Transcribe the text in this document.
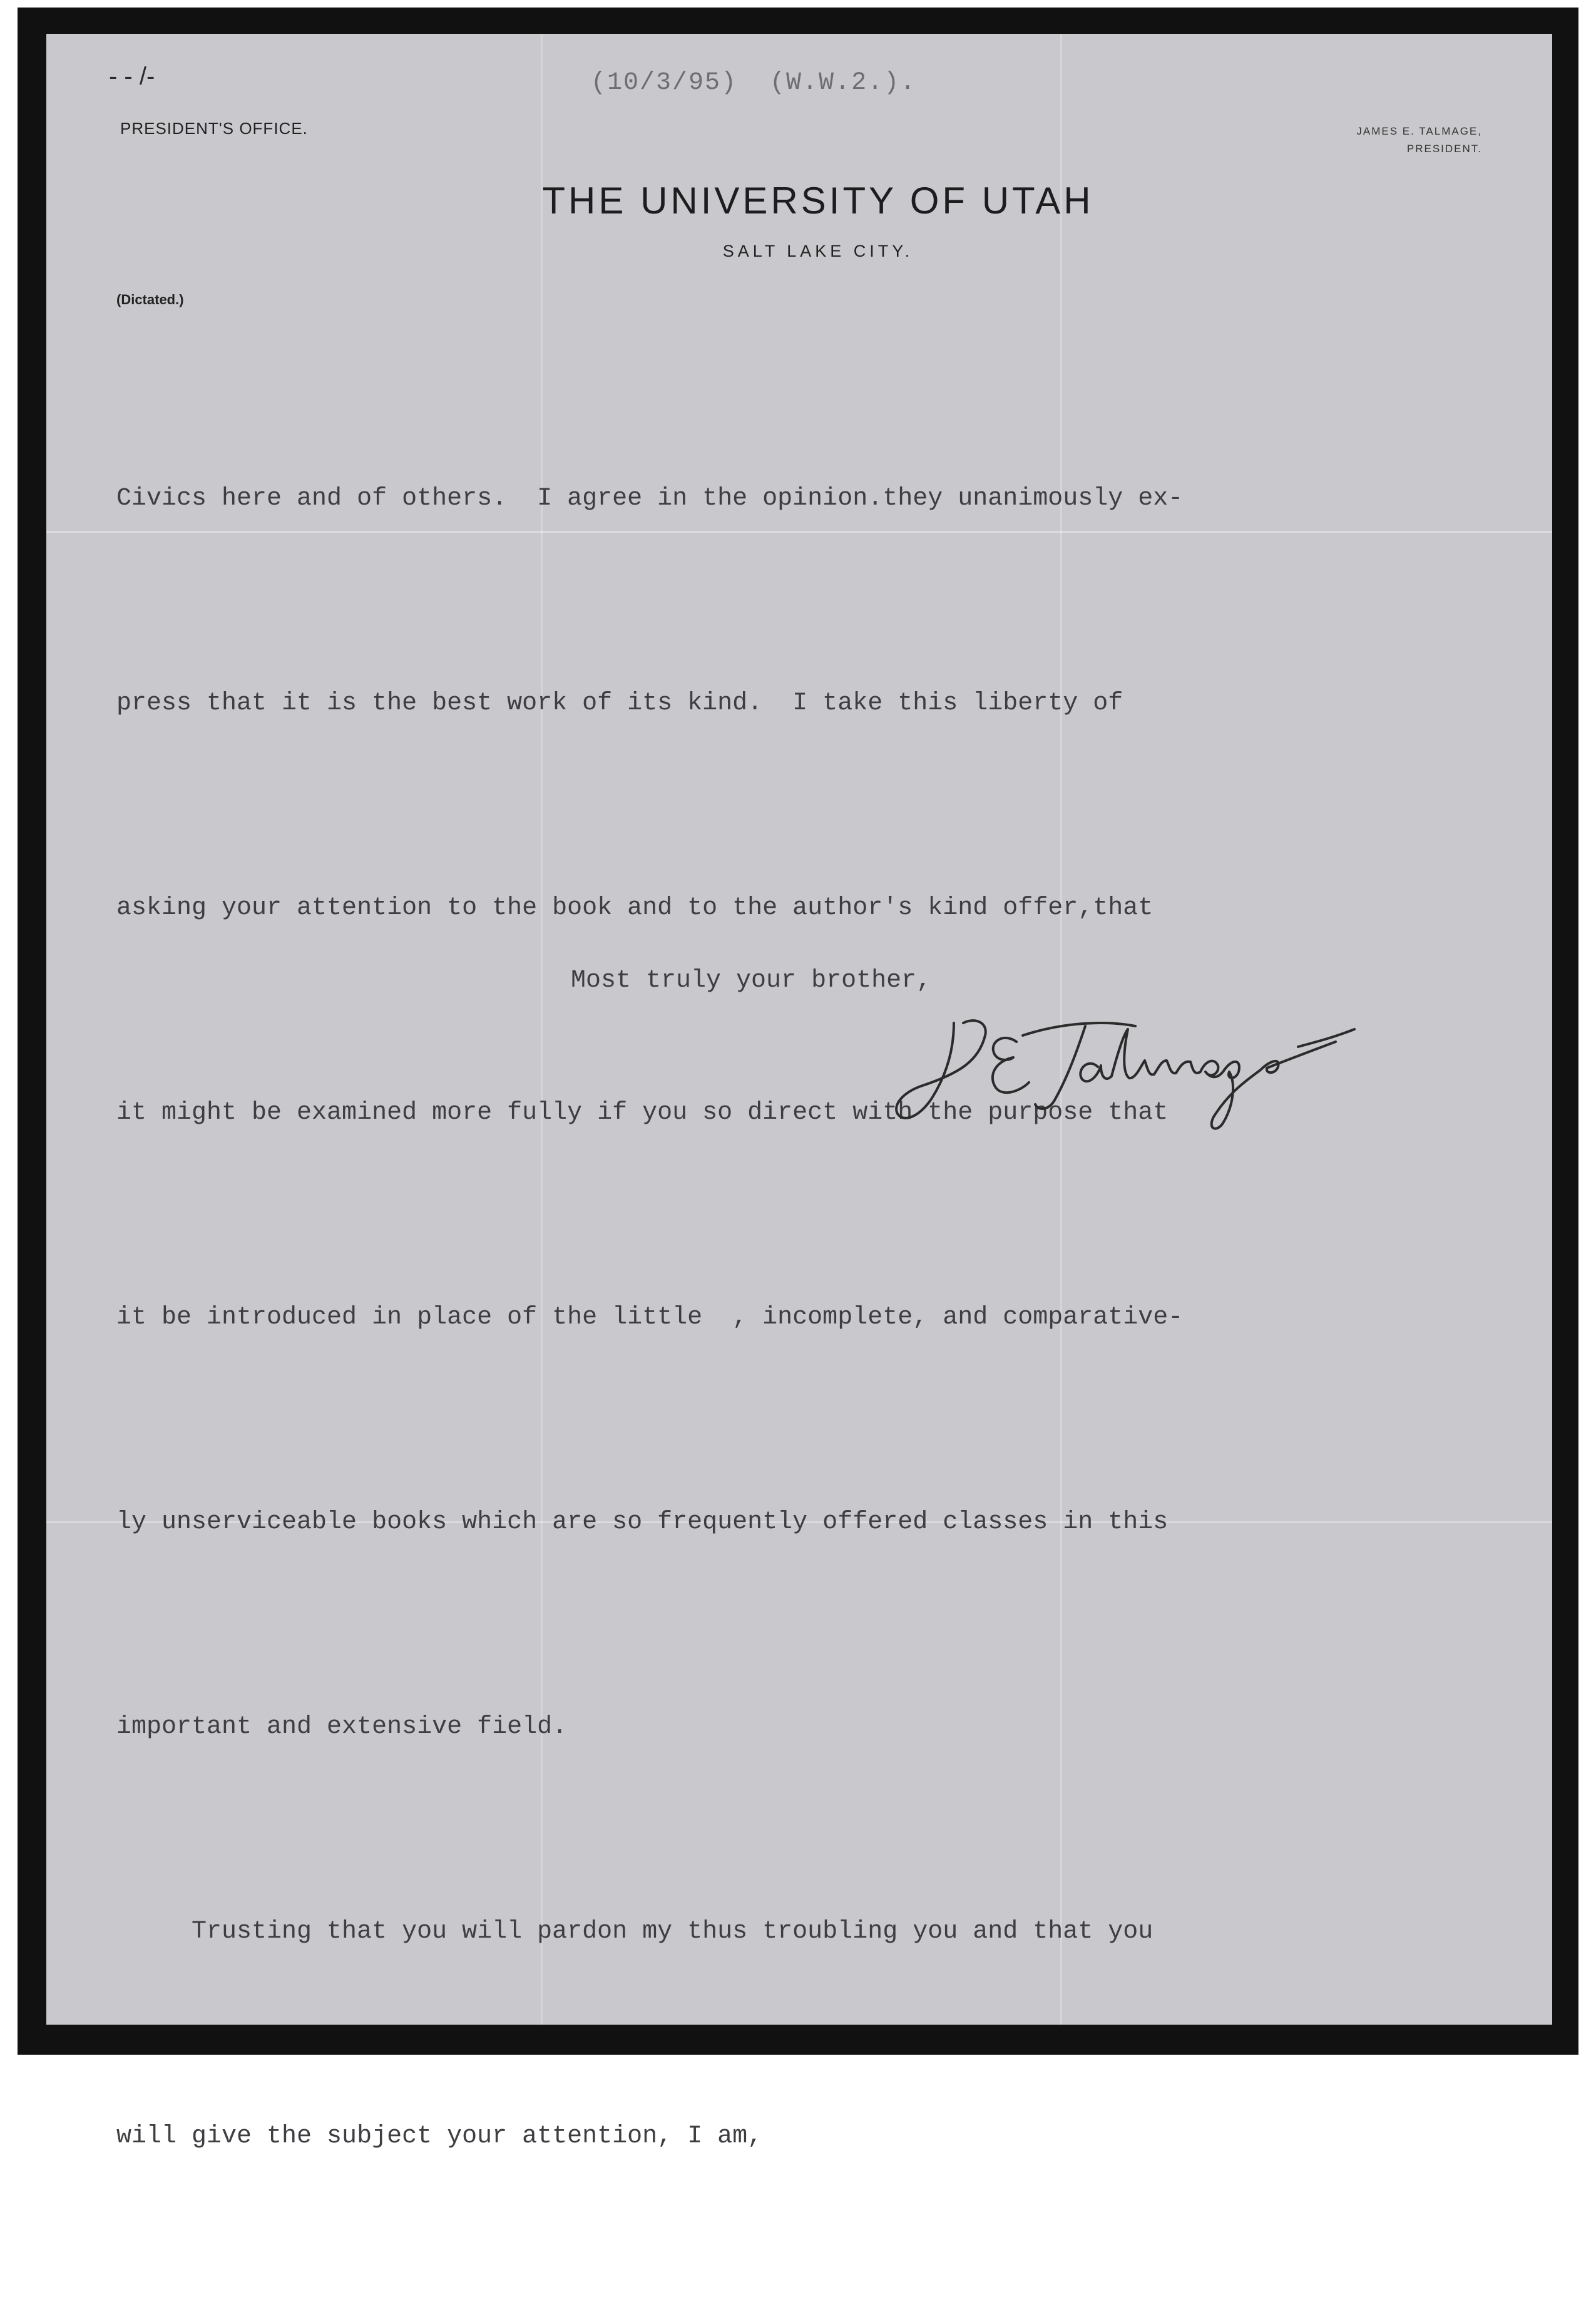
- - /-	(10/3/95)  (W.W.2.).
PRESIDENT'S OFFICE.	JAMES E. TALMAGE,
PRESIDENT.
THE UNIVERSITY OF UTAH
SALT LAKE CITY.
(Dictated.)

Civics here and of others.  I agree in the opinion.they unanimously ex-

press that it is the best work of its kind.  I take this liberty of

asking your attention to the book and to the author's kind offer,that

it might be examined more fully if you so direct with the purpose that

it be introduced in place of the little  , incomplete, and comparative-

ly unserviceable books which are so frequently offered classes in this

important and extensive field.

Trusting that you will pardon my thus troubling you and that you

will give the subject your attention, I am,

Most truly your brother,
